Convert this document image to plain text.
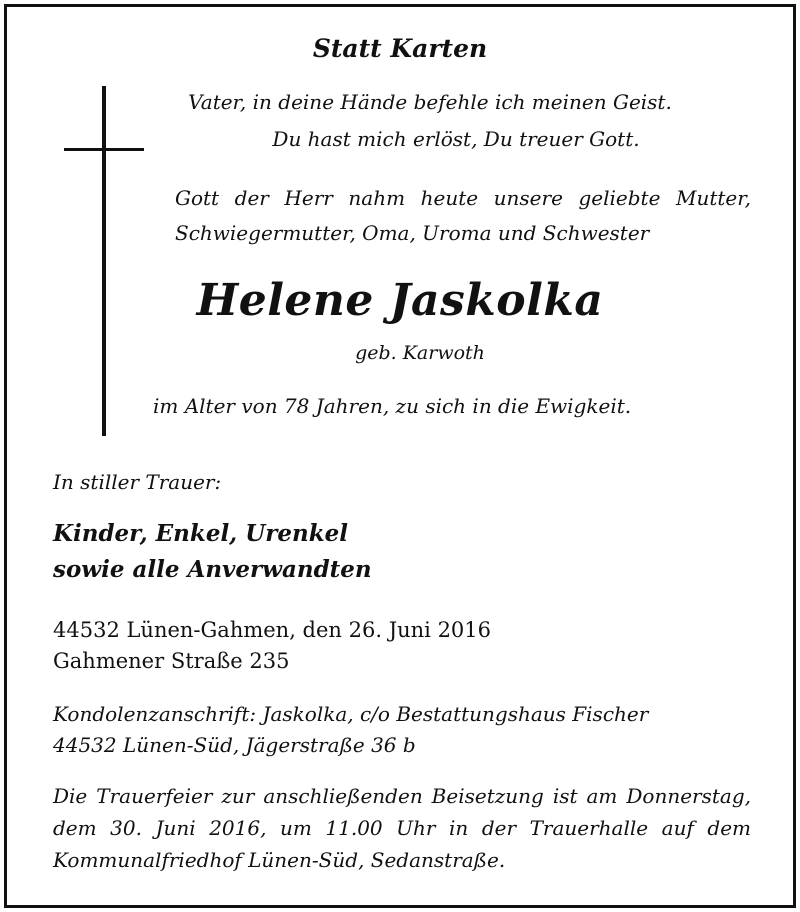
Statt Karten

Vater, in deine Hände befehle ich meinen Geist.

Du hast mich erlöst, Du treuer Gott.

Gott der Herr nahm heute unsere geliebte Mutter,

Schwiegermutter, Oma, Uroma und Schwester

Helene Jaskolka

geb. Karwoth

im Alter von 78 Jahren, zu sich in die Ewigkeit.

In stiller Trauer:

Kinder, Enkel, Urenkel

sowie alle Anverwandten

44532 Lünen-Gahmen, den 26. Juni 2016

Gahmener Straße 235

Kondolenzanschrift: Jaskolka, c/o Bestattungshaus Fischer

44532 Lünen-Süd, Jägerstraße 36 b

Die Trauerfeier zur anschließenden Beisetzung ist am Donnerstag,

dem 30. Juni 2016, um 11.00 Uhr in der Trauerhalle auf dem

Kommunalfriedhof Lünen-Süd, Sedanstraße.
